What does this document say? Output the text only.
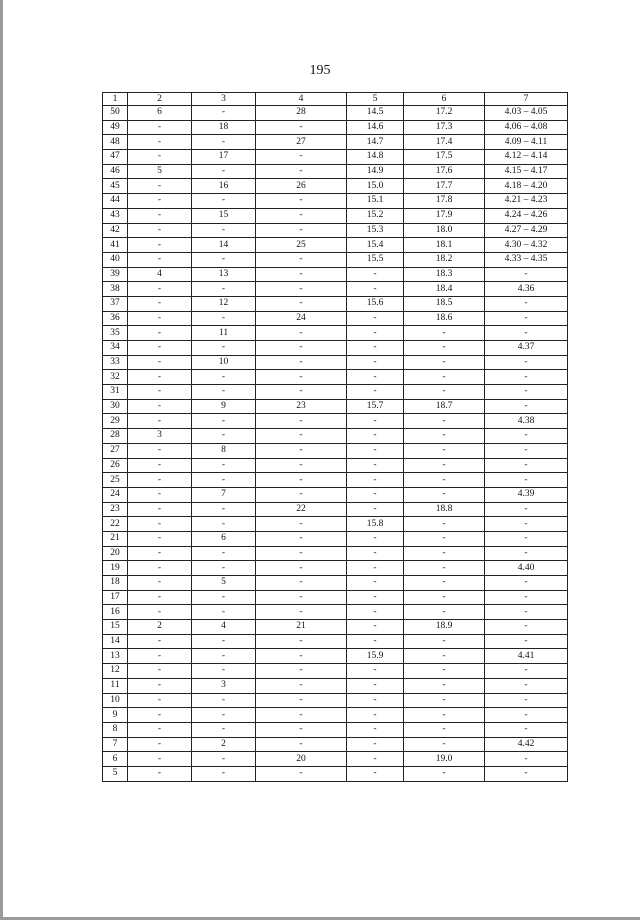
195
1	2	3	4	5	6	7
50	6	-	28	14.5	17.2	4.03 – 4.05
49	-	18	-	14.6	17.3	4.06 – 4.08
48	-	-	27	14.7	17.4	4.09 – 4.11
47	-	17	-	14.8	17.5	4.12 – 4.14
46	5	-	-	14.9	17.6	4.15 – 4.17
45	-	16	26	15.0	17.7	4.18 – 4.20
44	-	-	-	15.1	17.8	4.21 – 4.23
43	-	15	-	15.2	17.9	4.24 – 4.26
42	-	-	-	15.3	18.0	4.27 – 4.29
41	-	14	25	15.4	18.1	4.30 – 4.32
40	-	-	-	15.5	18.2	4.33 – 4.35
39	4	13	-	-	18.3	-
38	-	-	-	-	18.4	4.36
37	-	12	-	15.6	18.5	-
36	-	-	24	-	18.6	-
35	-	11	-	-	-	-
34	-	-	-	-	-	4.37
33	-	10	-	-	-	-
32	-	-	-	-	-	-
31	-	-	-	-	-	-
30	-	9	23	15.7	18.7	-
29	-	-	-	-	-	4.38
28	3	-	-	-	-	-
27	-	8	-	-	-	-
26	-	-	-	-	-	-
25	-	-	-	-	-	-
24	-	7	-	-	-	4.39
23	-	-	22	-	18.8	-
22	-	-	-	15.8	-	-
21	-	6	-	-	-	-
20	-	-	-	-	-	-
19	-	-	-	-	-	4.40
18	-	5	-	-	-	-
17	-	-	-	-	-	-
16	-	-	-	-	-	-
15	2	4	21	-	18.9	-
14	-	-	-	-	-	-
13	-	-	-	15.9	-	4.41
12	-	-	-	-	-	-
11	-	3	-	-	-	-
10	-	-	-	-	-	-
9	-	-	-	-	-	-
8	-	-	-	-	-	-
7	-	2	-	-	-	4.42
6	-	-	20	-	19.0	-
5	-	-	-	-	-	-
